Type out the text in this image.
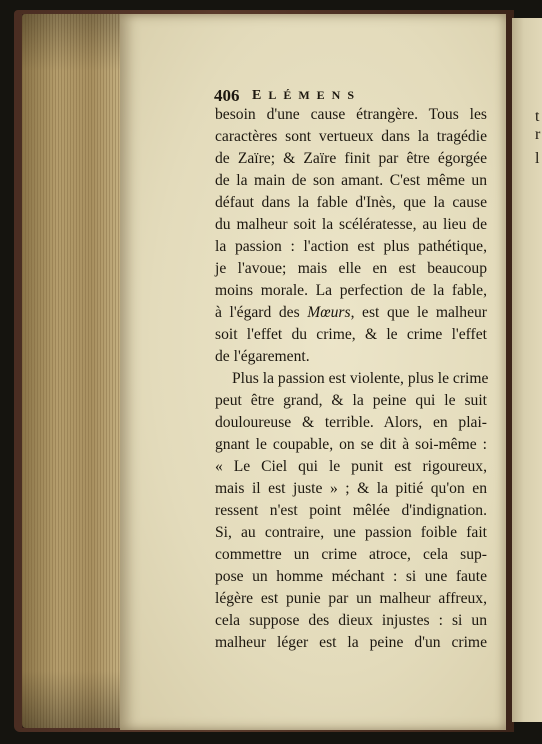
t
r
l
406 ELÉMENS
besoin d'une cause étrangère. Tous les
caractères sont vertueux dans la tragédie
de Zaïre; & Zaïre finit par être égorgée
de la main de son amant. C'est même un
défaut dans la fable d'Inès, que la cause
du malheur soit la scélératesse, au lieu de
la passion : l'action est plus pathétique,
je l'avoue; mais elle en est beaucoup
moins morale. La perfection de la fable,
à l'égard des Mœurs, est que le malheur
soit l'effet du crime, & le crime l'effet
de l'égarement.
Plus la passion est violente, plus le crime
peut être grand, & la peine qui le suit
douloureuse & terrible. Alors, en plai-
gnant le coupable, on se dit à soi-même :
« Le Ciel qui le punit est rigoureux,
mais il est juste » ; & la pitié qu'on en
ressent n'est point mêlée d'indignation.
Si, au contraire, une passion foible fait
commettre un crime atroce, cela sup-
pose un homme méchant : si une faute
légère est punie par un malheur affreux,
cela suppose des dieux injustes : si un
malheur léger est la peine d'un crime
